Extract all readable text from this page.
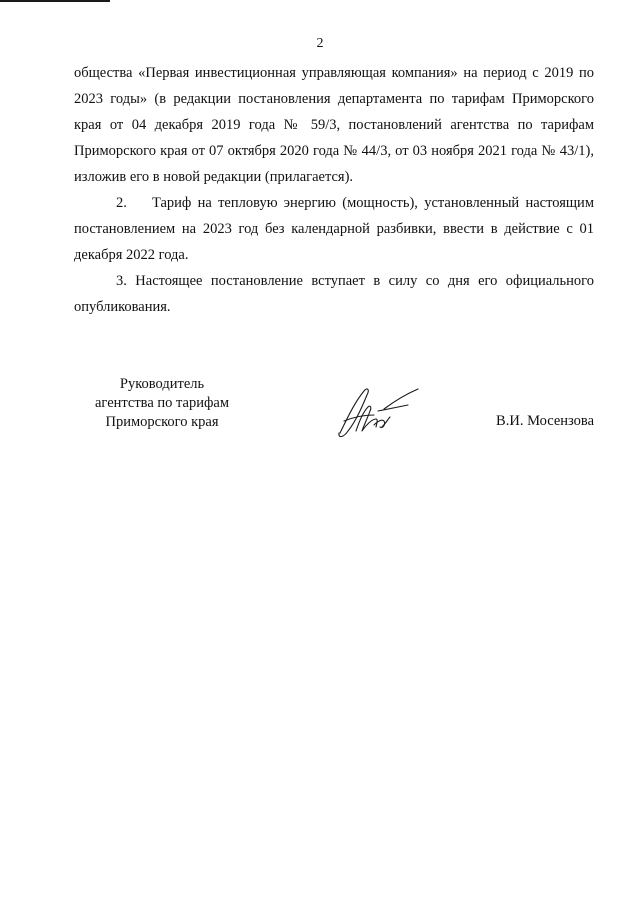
2

общества «Первая инвестиционная управляющая компания» на период с 2019 по 2023 годы» (в редакции постановления департамента по тарифам Приморского края от 04 декабря 2019 года № 59/3, постановлений агентства по тарифам Приморского края от 07 октября 2020 года № 44/3, от 03 ноября 2021 года № 43/1), изложив его в новой редакции (прилагается).

2.    Тариф на тепловую энергию (мощность), установленный настоящим постановлением на 2023 год без календарной разбивки, ввести в действие с 01 декабря 2022 года.

3. Настоящее постановление вступает в силу со дня его официального опубликования.

Руководитель
агентства по тарифам
Приморского края	В.И. Мосензова
